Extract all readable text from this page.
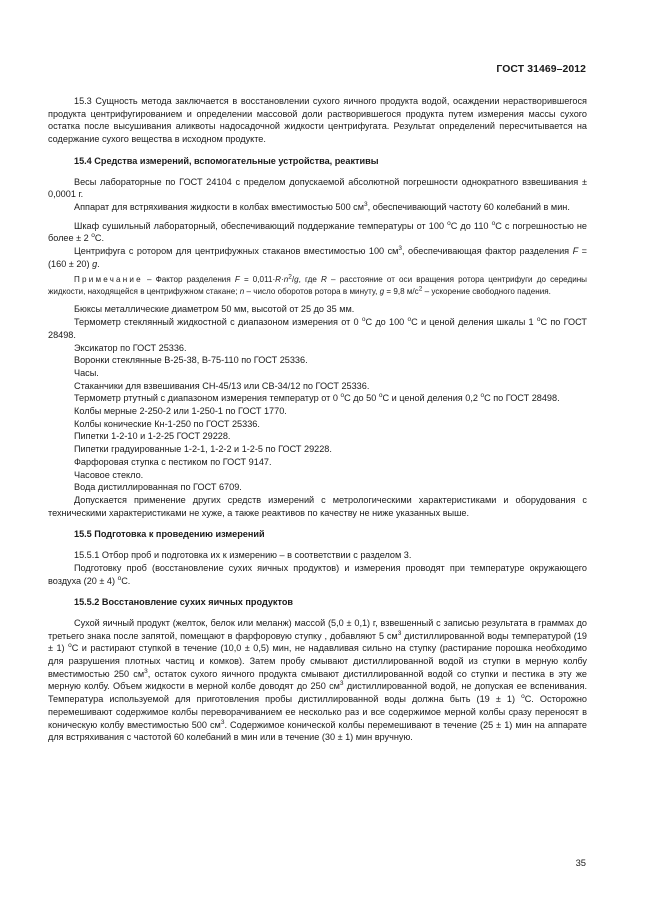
ГОСТ 31469–2012

15.3 Сущность метода заключается в восстановлении сухого яичного продукта водой, осаждении нерастворившегося продукта центрифугированием и определении массовой доли растворившегося продукта путем измерения массы сухого остатка после высушивания аликвоты надосадочной жидкости центрифугата. Результат определений пересчитывается на содержание сухого вещества в исходном продукте.

15.4 Средства измерений, вспомогательные устройства, реактивы

Весы лабораторные по ГОСТ 24104 с пределом допускаемой абсолютной погрешности однократного взвешивания ± 0,0001 г.

Аппарат для встряхивания жидкости в колбах вместимостью 500 $см^3$, обеспечивающий частоту 60 колебаний в мин.

Шкаф сушильный лабораторный, обеспечивающий поддержание температуры от 100 $^о$С до 110 $^о$С с погрешностью не более ± 2 $^о$С.

Центрифуга с ротором для центрифужных стаканов вместимостью 100 $см^3$, обеспечивающая фактор разделения F = (160 ± 20) g.

Примечание – Фактор разделения $F = 0,011\cdot R\cdot n^2/g$, где R – расстояние от оси вращения ротора центрифуги до середины жидкости, находящейся в центрифужном стакане; n – число оборотов ротора в минуту, g = 9,8 $м/с^2$ – ускорение свободного падения.

Бюксы металлические диаметром 50 мм, высотой от 25 до 35 мм.

Термометр стеклянный жидкостной с диапазоном измерения от 0 $^о$С до 100 $^о$С и ценой деления шкалы 1 $^о$С по ГОСТ 28498.

Эксикатор по ГОСТ 25336.

Воронки стеклянные В-25-38, В-75-110 по ГОСТ 25336.

Часы.

Стаканчики для взвешивания СН-45/13 или СВ-34/12 по ГОСТ 25336.

Термометр ртутный с диапазоном измерения температур от 0 $^о$С до 50 $^о$С и ценой деления 0,2 $^о$С по ГОСТ 28498.

Колбы мерные 2-250-2 или 1-250-1 по ГОСТ 1770.

Колбы конические Кн-1-250 по ГОСТ 25336.

Пипетки 1-2-10 и 1-2-25 ГОСТ 29228.

Пипетки градуированные 1-2-1, 1-2-2 и 1-2-5 по ГОСТ 29228.

Фарфоровая ступка с пестиком по ГОСТ 9147.

Часовое стекло.

Вода дистиллированная по ГОСТ 6709.

Допускается применение других средств измерений с метрологическими характеристиками и оборудования с техническими характеристиками не хуже, а также реактивов по качеству не ниже указанных выше.

15.5 Подготовка к проведению измерений

15.5.1 Отбор проб и подготовка их к измерению – в соответствии с разделом 3.

Подготовку проб (восстановление сухих яичных продуктов) и измерения проводят при температуре окружающего воздуха (20 ± 4) $^о$С.

15.5.2 Восстановление сухих яичных продуктов

Сухой яичный продукт (желток, белок или меланж) массой (5,0 ± 0,1) г, взвешенный с записью результата в граммах до третьего знака после запятой, помещают в фарфоровую ступку , добавляют 5 $см^3$ дистиллированной воды температурой (19 ± 1) $^о$С и растирают ступкой в течение (10,0 ± 0,5) мин, не надавливая сильно на ступку (растирание порошка необходимо для разрушения плотных частиц и комков). Затем пробу смывают дистиллированной водой из ступки в мерную колбу вместимостью 250 $см^3$, остаток сухого яичного продукта смывают дистиллированной водой со ступки и пестика в эту же мерную колбу. Объем жидкости в мерной колбе доводят до 250 $см^3$ дистиллированной водой, не допуская ее вспенивания. Температура используемой для приготовления пробы дистиллированной воды должна быть (19 ± 1) $^о$С. Осторожно перемешивают содержимое колбы переворачиванием ее несколько раз и все содержимое мерной колбы сразу переносят в коническую колбу вместимостью 500 $см^3$. Содержимое конической колбы перемешивают в течение (25 ± 1) мин на аппарате для встряхивания с частотой 60 колебаний в мин или в течение (30 ± 1) мин вручную.

35
